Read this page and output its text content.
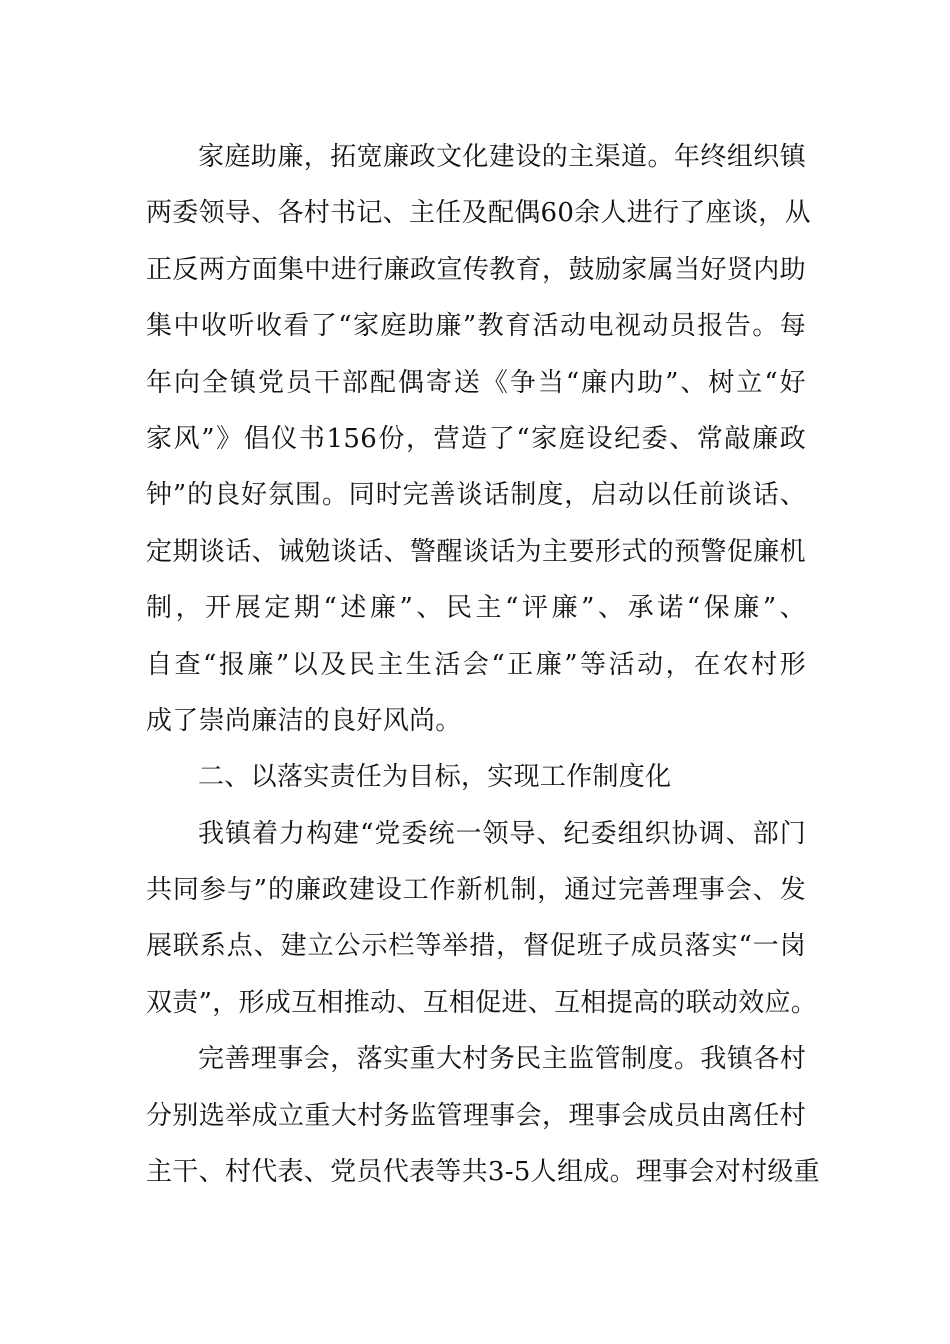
家庭助廉，拓宽廉政文化建设的主渠道。年终组织镇
两委领导、各村书记、主任及配偶60余人进行了座谈，从
正反两方面集中进行廉政宣传教育，鼓励家属当好贤内助
集中收听收看了“家庭助廉”教育活动电视动员报告。每
年向全镇党员干部配偶寄送《争当“廉内助”、树立“好
家风”》倡仪书156份，营造了“家庭设纪委、常敲廉政
钟”的良好氛围。同时完善谈话制度，启动以任前谈话、
定期谈话、诫勉谈话、警醒谈话为主要形式的预警促廉机
制，开展定期“述廉”、民主“评廉”、承诺“保廉”、
自查“报廉”以及民主生活会“正廉”等活动，在农村形
成了崇尚廉洁的良好风尚。
二、以落实责任为目标，实现工作制度化
我镇着力构建“党委统一领导、纪委组织协调、部门
共同参与”的廉政建设工作新机制，通过完善理事会、发
展联系点、建立公示栏等举措，督促班子成员落实“一岗
双责”，形成互相推动、互相促进、互相提高的联动效应。
完善理事会，落实重大村务民主监管制度。我镇各村
分别选举成立重大村务监管理事会，理事会成员由离任村
主干、村代表、党员代表等共3-5人组成。理事会对村级重
